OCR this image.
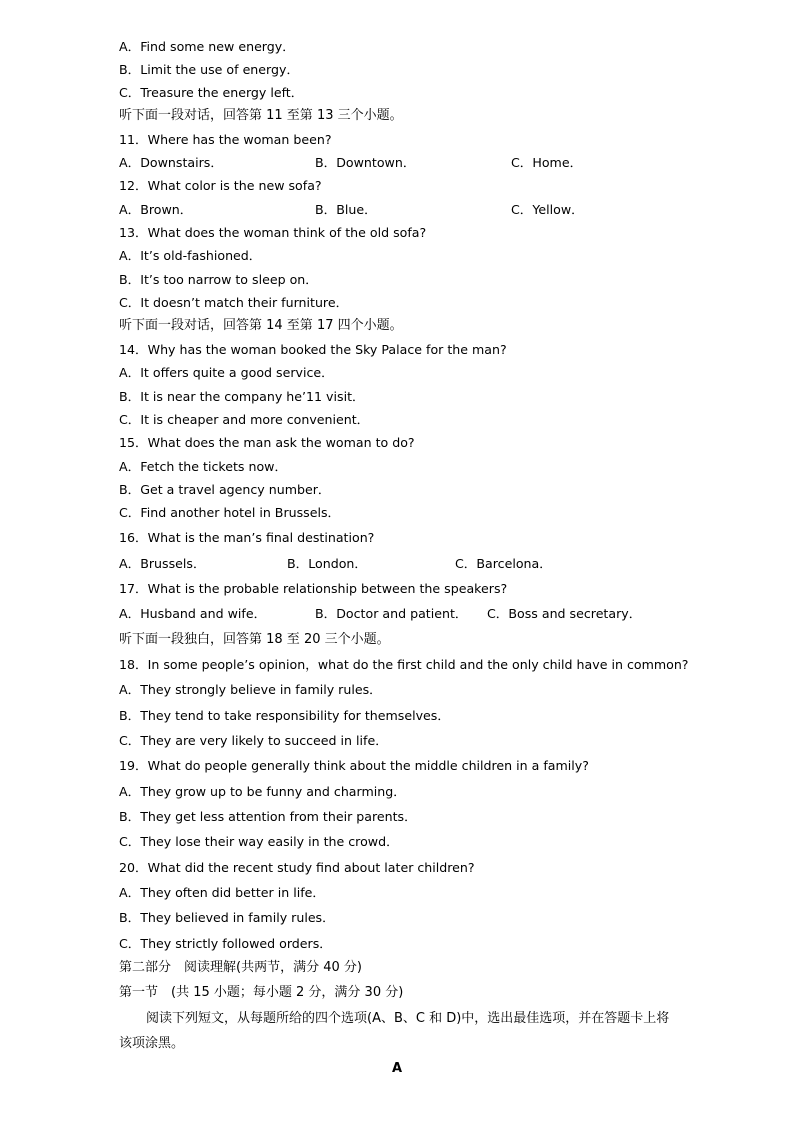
A．Find some new energy．
B．Limit the use of energy．
C．Treasure the energy left．
听下面一段对话，回答第 11 至第 13 三个小题。
11．Where has the woman been?
A．Downstairs．	B．Downtown．	C．Home．
12．What color is the new sofa?
A．Brown．	B．Blue．	C．Yellow．
13．What does the woman think of the old sofa?
A．It’s old-fashioned．
B．It’s too narrow to sleep on．
C．It doesn’t match their furniture．
听下面一段对话，回答第 14 至第 17 四个小题。
14．Why has the woman booked the Sky Palace for the man?
A．It offers quite a good service．
B．It is near the company he’11 visit．
C．It is cheaper and more convenient．
15．What does the man ask the woman to do?
A．Fetch the tickets now．
B．Get a travel agency number．
C．Find another hotel in Brussels．
16．What is the man’s final destination?
A．Brussels．	B．London．	C．Barcelona．
17．What is the probable relationship between the speakers?
A．Husband and wife．	B．Doctor and patient． C．Boss and secretary．
听下面一段独白，回答第 18 至 20 三个小题。
18．In some people’s opinion，what do the first child and the only child have in common?
A．They strongly believe in family rules．
B．They tend to take responsibility for themselves．
C．They are very likely to succeed in life．
19．What do people generally think about the middle children in a family?
A．They grow up to be funny and charming．
B．They get less attention from their parents．
C．They lose their way easily in the crowd．
20．What did the recent study find about later children?
A．They often did better in life．
B．They believed in family rules．
C．They strictly followed orders．
第二部分　阅读理解(共两节，满分 40 分)
第一节　(共 15 小题；每小题 2 分，满分 30 分)
阅读下列短文，从每题所给的四个选项(A、B、C 和 D)中，选出最佳选项，并在答题卡上将
该项涂黑。
A
